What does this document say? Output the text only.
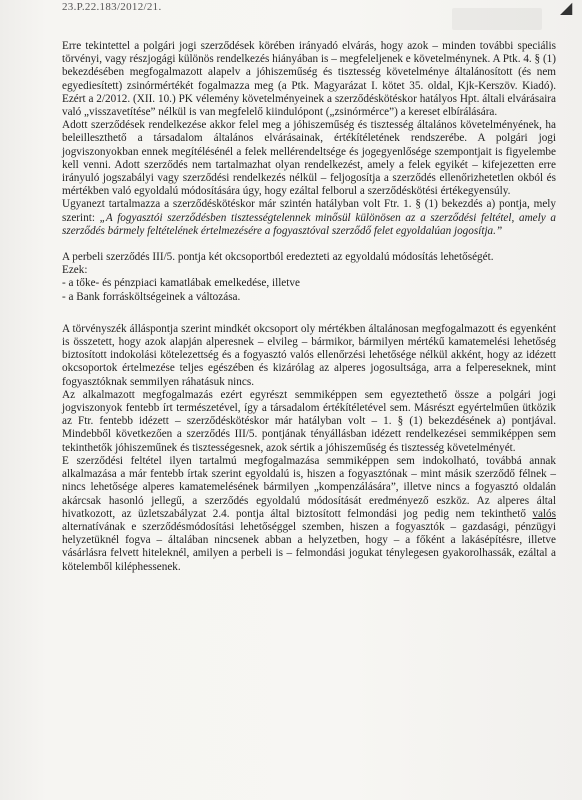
23.P.22.183/2012/21.	◢

Erre tekintettel a polgári jogi szerződések körében irányadó elvárás, hogy azok – minden további speciális törvényi, vagy részjogági különös rendelkezés hiányában is – megfeleljenek e követelménynek. A Ptk. 4. § (1) bekezdésében megfogalmazott alapelv a jóhiszeműség és tisztesség követelménye általánosított (és nem egyediesített) zsinórmértékét fogalmazza meg (a Ptk. Magyarázat I. kötet 35. oldal, Kjk-Kerszöv. Kiadó). Ezért a 2/2012. (XII. 10.) PK vélemény követelményeinek a szerződéskötéskor hatályos Hpt. általi elvárásaira való „visszavetítése” nélkül is van megfelelő kiindulópont („zsinórmérce”) a kereset elbírálására.

Adott szerződések rendelkezése akkor felel meg a jóhiszeműség és tisztesség általános követelményének, ha beleilleszthető a társadalom általános elvárásainak, értékítéletének rendszerébe. A polgári jogi jogviszonyokban ennek megítélésénél a felek mellérendeltsége és jogegyenlősége szempontjait is figyelembe kell venni. Adott szerződés nem tartalmazhat olyan rendelkezést, amely a felek egyikét – kifejezetten erre irányuló jogszabályi vagy szerződési rendelkezés nélkül – feljogosítja a szerződés ellenőrizhetetlen okból és mértékben való egyoldalú módosítására úgy, hogy ezáltal felborul a szerződéskötési értékegyensúly.

Ugyanezt tartalmazza a szerződéskötéskor már szintén hatályban volt Ftr. 1. § (1) bekezdés a) pontja, mely szerint: „A fogyasztói szerződésben tisztességtelennek minősül különösen az a szerződési feltétel, amely a szerződés bármely feltételének értelmezésére a fogyasztóval szerződő felet egyoldalúan jogosítja.”

A perbeli szerződés III/5. pontja két okcsoportból eredezteti az egyoldalú módosítás lehetőségét.

Ezek:

- a tőke- és pénzpiaci kamatlábak emelkedése, illetve

- a Bank forrásköltségeinek a változása.

A törvényszék álláspontja szerint mindkét okcsoport oly mértékben általánosan megfogalmazott és egyenként is összetett, hogy azok alapján alperesnek – elvileg – bármikor, bármilyen mértékű kamatemelési lehetőség biztosított indokolási kötelezettség és a fogyasztó valós ellenőrzési lehetősége nélkül akként, hogy az idézett okcsoportok értelmezése teljes egészében és kizárólag az alperes jogosultsága, arra a felpereseknek, mint fogyasztóknak semmilyen ráhatásuk nincs.

Az alkalmazott megfogalmazás ezért egyrészt semmiképpen sem egyeztethető össze a polgári jogi jogviszonyok fentebb írt természetével, így a társadalom értékítéletével sem. Másrészt egyértelműen ütközik az Ftr. fentebb idézett – szerződéskötéskor már hatályban volt – 1. § (1) bekezdésének a) pontjával. Mindebből következően a szerződés III/5. pontjának tényállásban idézett rendelkezései semmiképpen sem tekinthetők jóhiszeműnek és tisztességesnek, azok sértik a jóhiszeműség és tisztesség követelményét.

E szerződési feltétel ilyen tartalmú megfogalmazása semmiképpen sem indokolható, továbbá annak alkalmazása a már fentebb írtak szerint egyoldalú is, hiszen a fogyasztónak – mint másik szerződő félnek – nincs lehetősége alperes kamatemelésének bármilyen „kompenzálására”, illetve nincs a fogyasztó oldalán akárcsak hasonló jellegű, a szerződés egyoldalú módosítását eredményező eszköz. Az alperes által hivatkozott, az üzletszabályzat 2.4. pontja által biztosított felmondási jog pedig nem tekinthető valós alternatívának e szerződésmódosítási lehetőséggel szemben, hiszen a fogyasztók – gazdasági, pénzügyi helyzetüknél fogva – általában nincsenek abban a helyzetben, hogy – a főként a lakásépítésre, illetve vásárlásra felvett hiteleknél, amilyen a perbeli is – felmondási jogukat ténylegesen gyakorolhassák, ezáltal a kötelemből kiléphessenek.
